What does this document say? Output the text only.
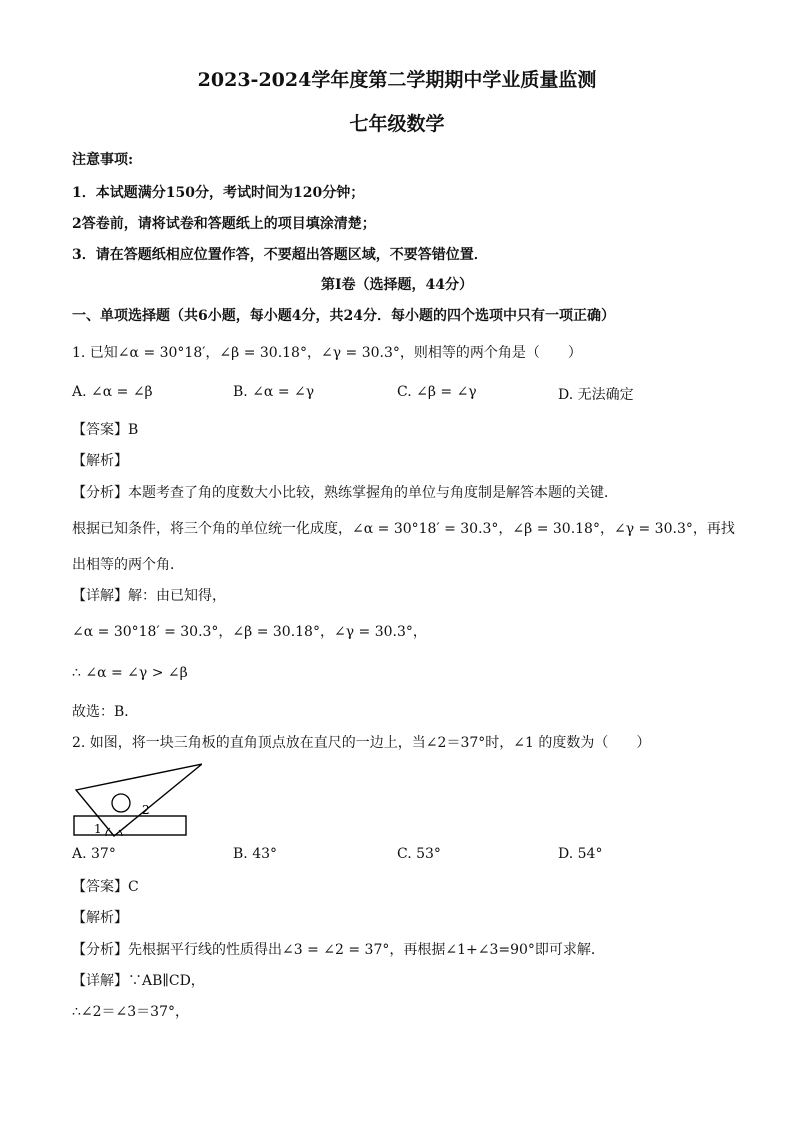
2023-2024学年度第二学期期中学业质量监测
七年级数学
注意事项:
1．本试题满分150分，考试时间为120分钟；
2答卷前，请将试卷和答题纸上的项目填涂清楚；
3．请在答题纸相应位置作答，不要超出答题区域，不要答错位置．
第I卷（选择题，44分）
一、单项选择题（共6小题，每小题4分，共24分．每小题的四个选项中只有一项正确）
1. 已知∠α = 30°18′，∠β = 30.18°，∠γ = 30.3°，则相等的两个角是（　　）
A. ∠α = ∠β	B. ∠α = ∠γ	C. ∠β = ∠γ	D. 无法确定
【答案】B
【解析】
【分析】本题考查了角的度数大小比较，熟练掌握角的单位与角度制是解答本题的关键．
根据已知条件，将三个角的单位统一化成度，∠α = 30°18′ = 30.3°，∠β = 30.18°，∠γ = 30.3°，再找
出相等的两个角．
【详解】解：由已知得，
∠α = 30°18′ = 30.3°，∠β = 30.18°，∠γ = 30.3°，
∴ ∠α = ∠γ > ∠β
故选：B．
2. 如图，将一块三角板的直角顶点放在直尺的一边上，当∠2＝37°时，∠1 的度数为（　　）
1
2
A. 37°	B. 43°	C. 53°	D. 54°
【答案】C
【解析】
【分析】先根据平行线的性质得出∠3 = ∠2 = 37°，再根据∠1+∠3=90°即可求解．
【详解】∵AB∥CD，
∴∠2＝∠3＝37°，
